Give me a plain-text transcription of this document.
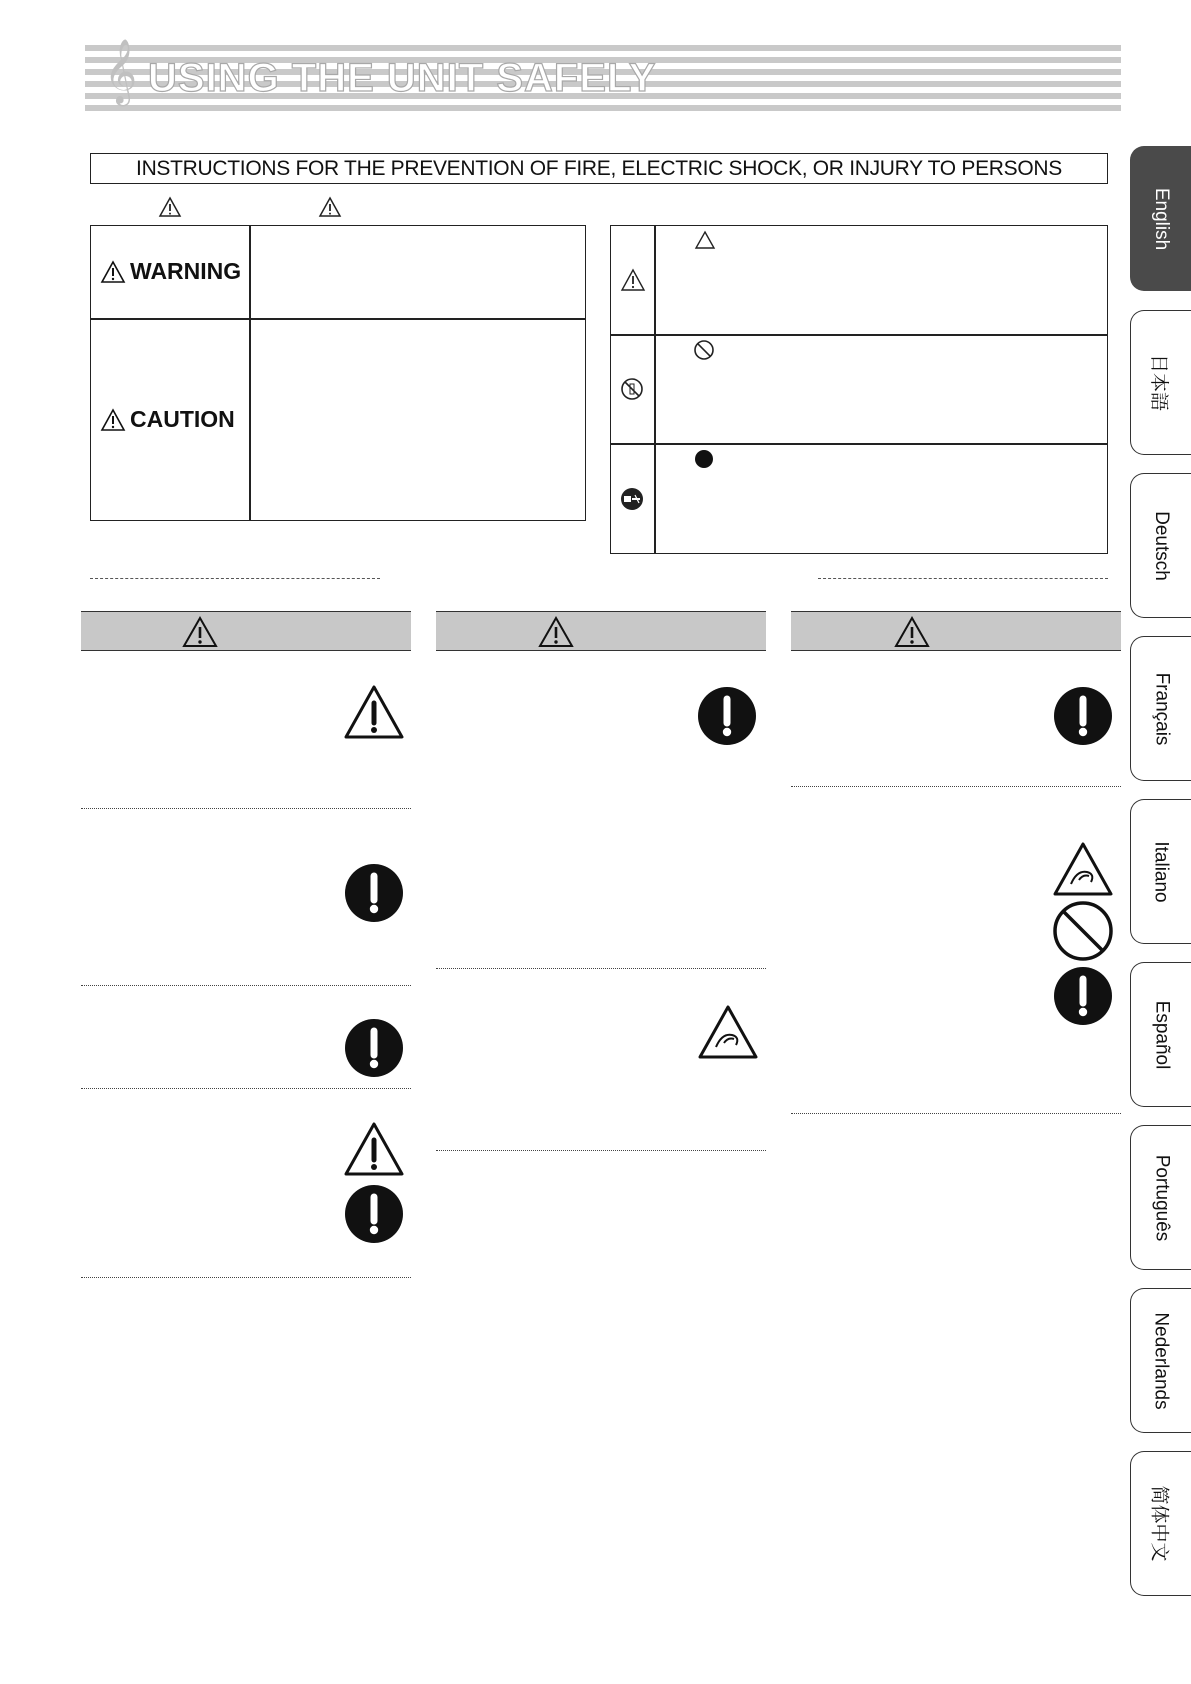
𝄞 USING THE UNIT SAFELY
INSTRUCTIONS FOR THE PREVENTION OF FIRE, ELECTRIC SHOCK, OR INJURY TO PERSONS
WARNING
CAUTION
English
日本語
Deutsch
Français
Italiano
Español
Português
Nederlands
简体中文
